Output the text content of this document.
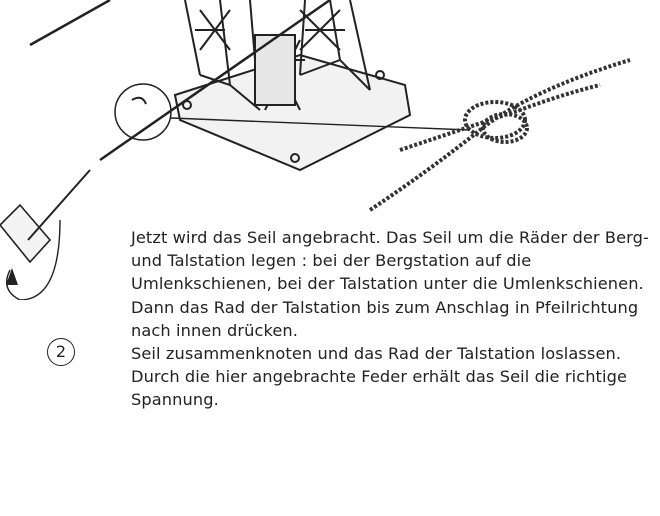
2

Jetzt wird das Seil angebracht. Das Seil um die Räder der Berg- und Talstation legen : bei der Bergstation auf die Umlenkschienen, bei der Talstation unter die Umlenkschienen.

Dann das Rad der Talstation bis zum Anschlag in Pfeilrichtung nach innen drücken.

Seil zusammenknoten und das Rad der Talstation loslassen. Durch die hier angebrachte Feder erhält das Seil die richtige Spannung.
